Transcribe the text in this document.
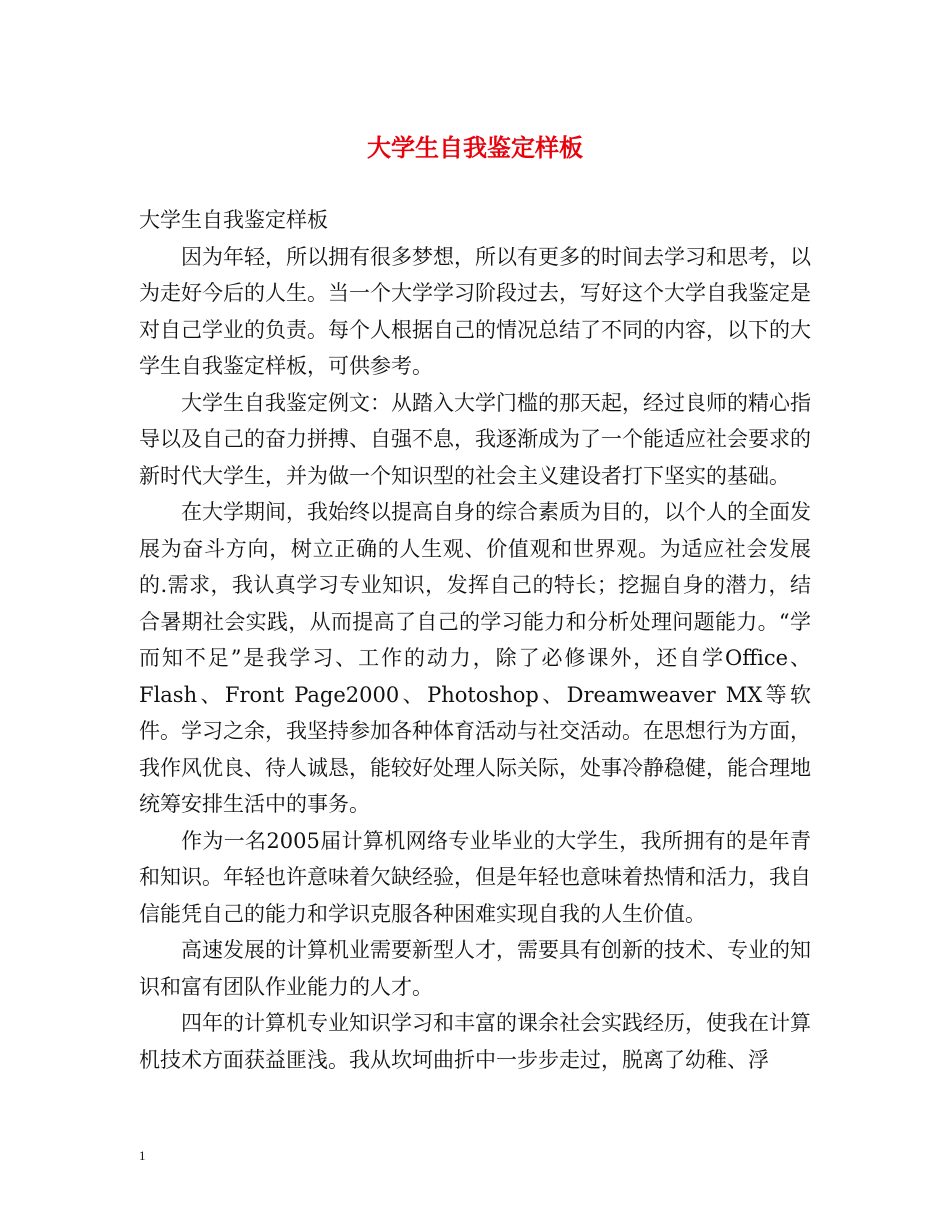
大学生自我鉴定样板

大学生自我鉴定样板

因为年轻，所以拥有很多梦想，所以有更多的时间去学习和思考，以为走好今后的人生。当一个大学学习阶段过去，写好这个大学自我鉴定是对自己学业的负责。每个人根据自己的情况总结了不同的内容，以下的大学生自我鉴定样板，可供参考。

大学生自我鉴定例文：从踏入大学门槛的那天起，经过良师的精心指导以及自己的奋力拼搏、自强不息，我逐渐成为了一个能适应社会要求的新时代大学生，并为做一个知识型的社会主义建设者打下坚实的基础。

在大学期间，我始终以提高自身的综合素质为目的，以个人的全面发展为奋斗方向，树立正确的人生观、价值观和世界观。为适应社会发展的.需求，我认真学习专业知识，发挥自己的特长；挖掘自身的潜力，结合暑期社会实践，从而提高了自己的学习能力和分析处理问题能力。“学而知不足”是我学习、工作的动力，除了必修课外，还自学Office、Flash、Front Page2000、Photoshop、Dreamweaver MX等软件。学习之余，我坚持参加各种体育活动与社交活动。在思想行为方面，我作风优良、待人诚恳，能较好处理人际关际，处事冷静稳健，能合理地统筹安排生活中的事务。

作为一名2005届计算机网络专业毕业的大学生，我所拥有的是年青和知识。年轻也许意味着欠缺经验，但是年轻也意味着热情和活力，我自信能凭自己的能力和学识克服各种困难实现自我的人生价值。

高速发展的计算机业需要新型人才，需要具有创新的技术、专业的知识和富有团队作业能力的人才。

四年的计算机专业知识学习和丰富的课余社会实践经历，使我在计算机技术方面获益匪浅。我从坎坷曲折中一步步走过，脱离了幼稚、浮

1
